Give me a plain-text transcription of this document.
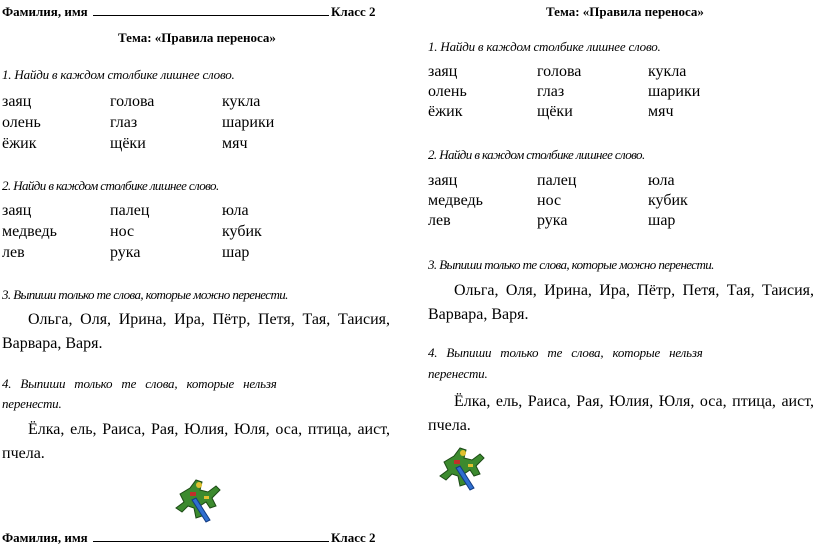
Фамилия, имя	Класс 2
Тема: «Правила переноса»
1. Найди в каждом столбике лишнее слово.
заяц
олень
ёжик
голова
глаз
щёки
кукла
шарики
мяч
2. Найди в каждом столбике лишнее слово.
заяц
медведь
лев
палец
нос
рука
юла
кубик
шар
3. Выпиши только те слова, которые можно перенести.
Ольга, Оля, Ирина, Ира, Пётр, Петя, Тая, Таисия, Варвара, Варя.
4. Выпиши только те слова, которые нельзя
перенести.
Ёлка, ель, Раиса, Рая, Юлия, Юля, оса, птица, аист, пчела.
Фамилия, имя	Класс 2
Тема: «Правила переноса»
1. Найди в каждом столбике лишнее слово.
заяц
олень
ёжик
голова
глаз
щёки
кукла
шарики
мяч
2. Найди в каждом столбике лишнее слово.
заяц
медведь
лев
палец
нос
рука
юла
кубик
шар
3. Выпиши только те слова, которые можно перенести.
Ольга, Оля, Ирина, Ира, Пётр, Петя, Тая, Таисия, Варвара, Варя.
4. Выпиши только те слова, которые нельзя
перенести.
Ёлка, ель, Раиса, Рая, Юлия, Юля, оса, птица, аист, пчела.
